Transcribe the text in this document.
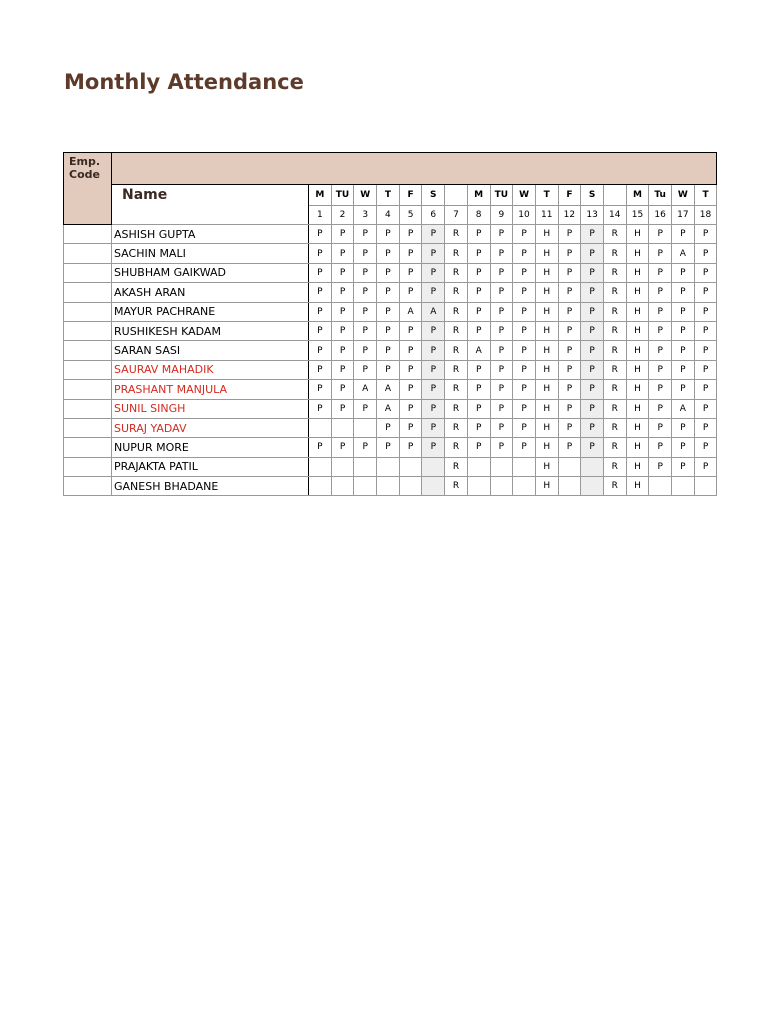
Monthly Attendance
Emp. Code																			
	Name	M	TU	W	T	F	S		M	TU	W	T	F	S		M	Tu	W	T
		1	2	3	4	5	6	7	8	9	10	11	12	13	14	15	16	17	18
	ASHISH GUPTA	P	P	P	P	P	P	R	P	P	P	H	P	P	R	H	P	P	P
	SACHIN MALI	P	P	P	P	P	P	R	P	P	P	H	P	P	R	H	P	A	P
	SHUBHAM GAIKWAD	P	P	P	P	P	P	R	P	P	P	H	P	P	R	H	P	P	P
	AKASH ARAN	P	P	P	P	P	P	R	P	P	P	H	P	P	R	H	P	P	P
	MAYUR PACHRANE	P	P	P	P	A	A	R	P	P	P	H	P	P	R	H	P	P	P
	RUSHIKESH KADAM	P	P	P	P	P	P	R	P	P	P	H	P	P	R	H	P	P	P
	SARAN SASI	P	P	P	P	P	P	R	A	P	P	H	P	P	R	H	P	P	P
	SAURAV MAHADIK	P	P	P	P	P	P	R	P	P	P	H	P	P	R	H	P	P	P
	PRASHANT MANJULA	P	P	A	A	P	P	R	P	P	P	H	P	P	R	H	P	P	P
	SUNIL SINGH	P	P	P	A	P	P	R	P	P	P	H	P	P	R	H	P	A	P
	SURAJ YADAV				P	P	P	R	P	P	P	H	P	P	R	H	P	P	P
	NUPUR MORE	P	P	P	P	P	P	R	P	P	P	H	P	P	R	H	P	P	P
	PRAJAKTA PATIL							R				H			R	H	P	P	P
	GANESH BHADANE							R				H			R	H			
